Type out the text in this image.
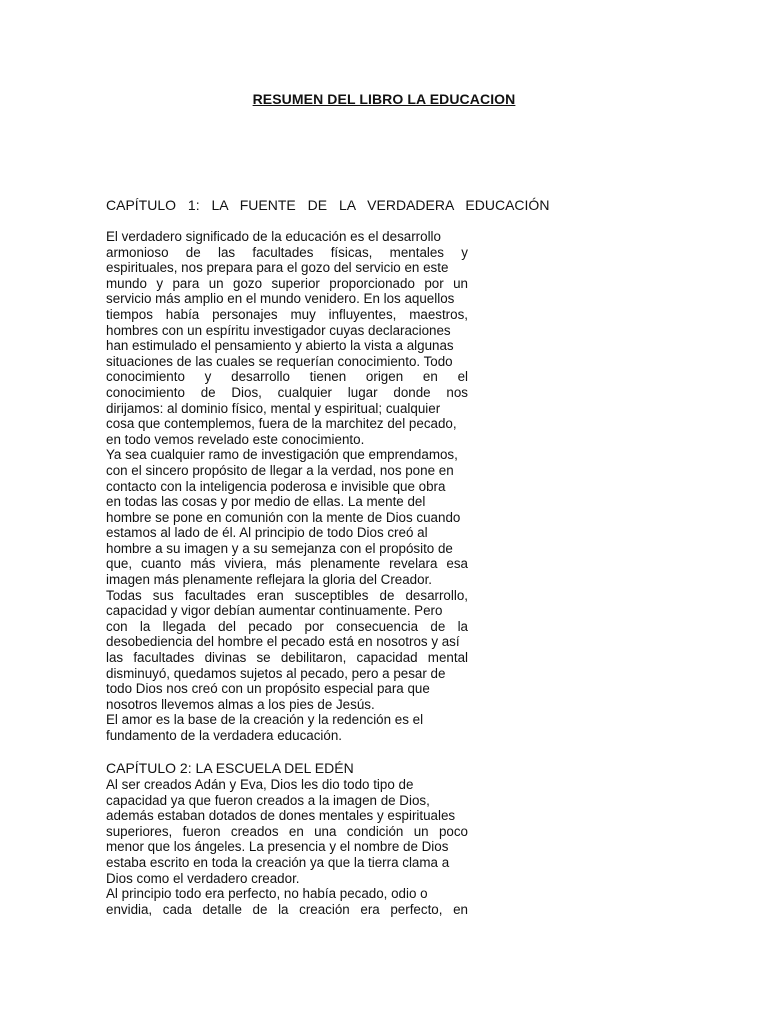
RESUMEN DEL LIBRO LA EDUCACION
CAPÍTULO 1: LA FUENTE DE LA VERDADERA EDUCACIÓN
El verdadero significado de la educación es el desarrollo
armonioso de las facultades físicas, mentales y
espirituales, nos prepara para el gozo del servicio en este
mundo y para un gozo superior proporcionado por un
servicio más amplio en el mundo venidero. En los aquellos
tiempos había personajes muy influyentes, maestros,
hombres con un espíritu investigador cuyas declaraciones
han estimulado el pensamiento y abierto la vista a algunas
situaciones de las cuales se requerían conocimiento. Todo
conocimiento y desarrollo tienen origen en el
conocimiento de Dios, cualquier lugar donde nos
dirijamos: al dominio físico, mental y espiritual; cualquier
cosa que contemplemos, fuera de la marchitez del pecado,
en todo vemos revelado este conocimiento.
Ya sea cualquier ramo de investigación que emprendamos,
con el sincero propósito de llegar a la verdad, nos pone en
contacto con la inteligencia poderosa e invisible que obra
en todas las cosas y por medio de ellas. La mente del
hombre se pone en comunión con la mente de Dios cuando
estamos al lado de él. Al principio de todo Dios creó al
hombre a su imagen y a su semejanza con el propósito de
que, cuanto más viviera, más plenamente revelara esa
imagen más plenamente reflejara la gloria del Creador.
Todas sus facultades eran susceptibles de desarrollo,
capacidad y vigor debían aumentar continuamente. Pero
con la llegada del pecado por consecuencia de la
desobediencia del hombre el pecado está en nosotros y así
las facultades divinas se debilitaron, capacidad mental
disminuyó, quedamos sujetos al pecado, pero a pesar de
todo Dios nos creó con un propósito especial para que
nosotros llevemos almas a los pies de Jesús.
El amor es la base de la creación y la redención es el
fundamento de la verdadera educación.
CAPÍTULO 2: LA ESCUELA DEL EDÉN
Al ser creados Adán y Eva, Dios les dio todo tipo de
capacidad ya que fueron creados a la imagen de Dios,
además estaban dotados de dones mentales y espirituales
superiores, fueron creados en una condición un poco
menor que los ángeles. La presencia y el nombre de Dios
estaba escrito en toda la creación ya que la tierra clama a
Dios como el verdadero creador.
Al principio todo era perfecto, no había pecado, odio o
envidia, cada detalle de la creación era perfecto, en
